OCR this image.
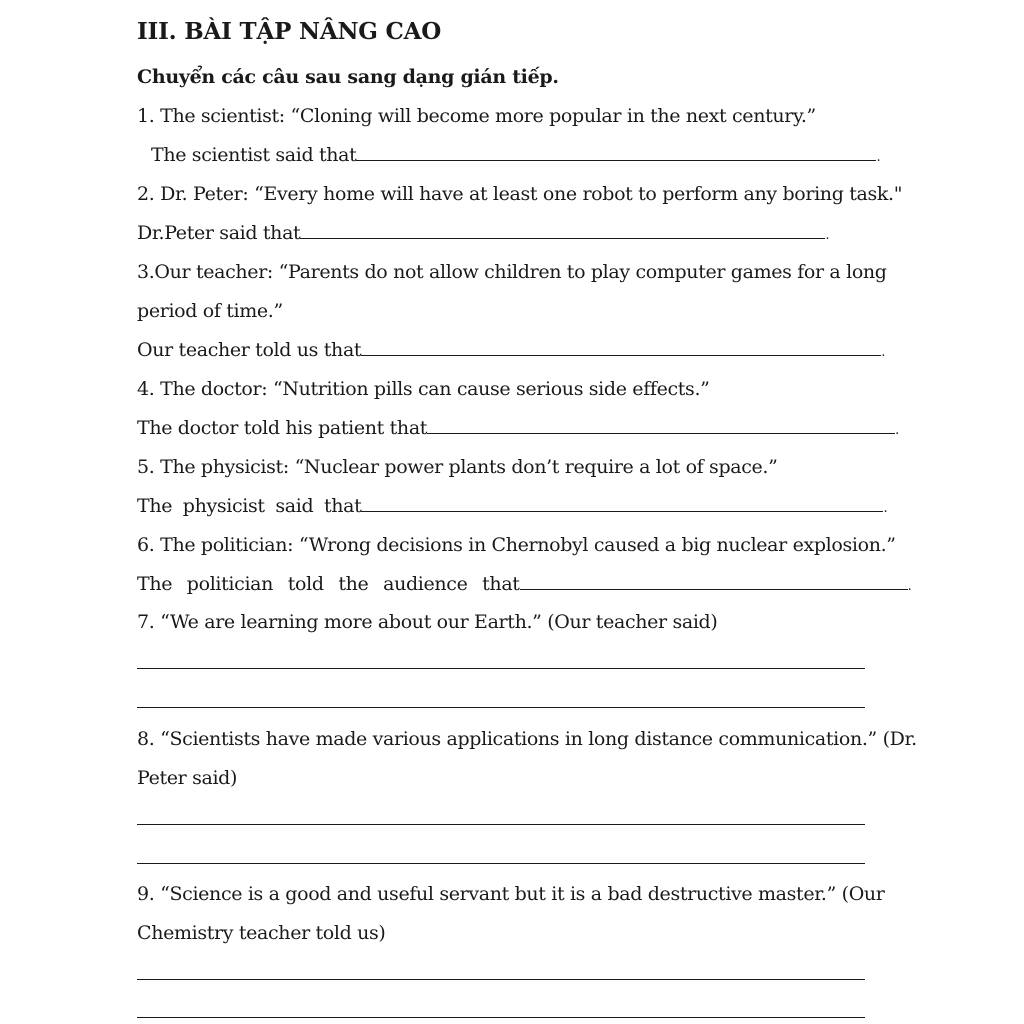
III. BÀI TẬP NÂNG CAO
Chuyển các câu sau sang dạng gián tiếp.
1. The scientist: “Cloning will become more popular in the next century.”
The scientist said that	.
2. Dr. Peter: “Every home will have at least one robot to perform any boring task."
Dr.Peter said that	.
3.Our teacher: “Parents do not allow children to play computer games for a long
period of time.”
Our teacher told us that	.
4. The doctor: “Nutrition pills can cause serious side effects.”
The doctor told his patient that	.
5. The physicist: “Nuclear power plants don’t require a lot of space.”
The physicist said that	.
6. The politician: “Wrong decisions in Chernobyl caused a big nuclear explosion.”
The politician told the audience that	.
7. “We are learning more about our Earth.” (Our teacher said)
8. “Scientists have made various applications in long distance communication.” (Dr.
Peter said)
9. “Science is a good and useful servant but it is a bad destructive master.” (Our
Chemistry teacher told us)
